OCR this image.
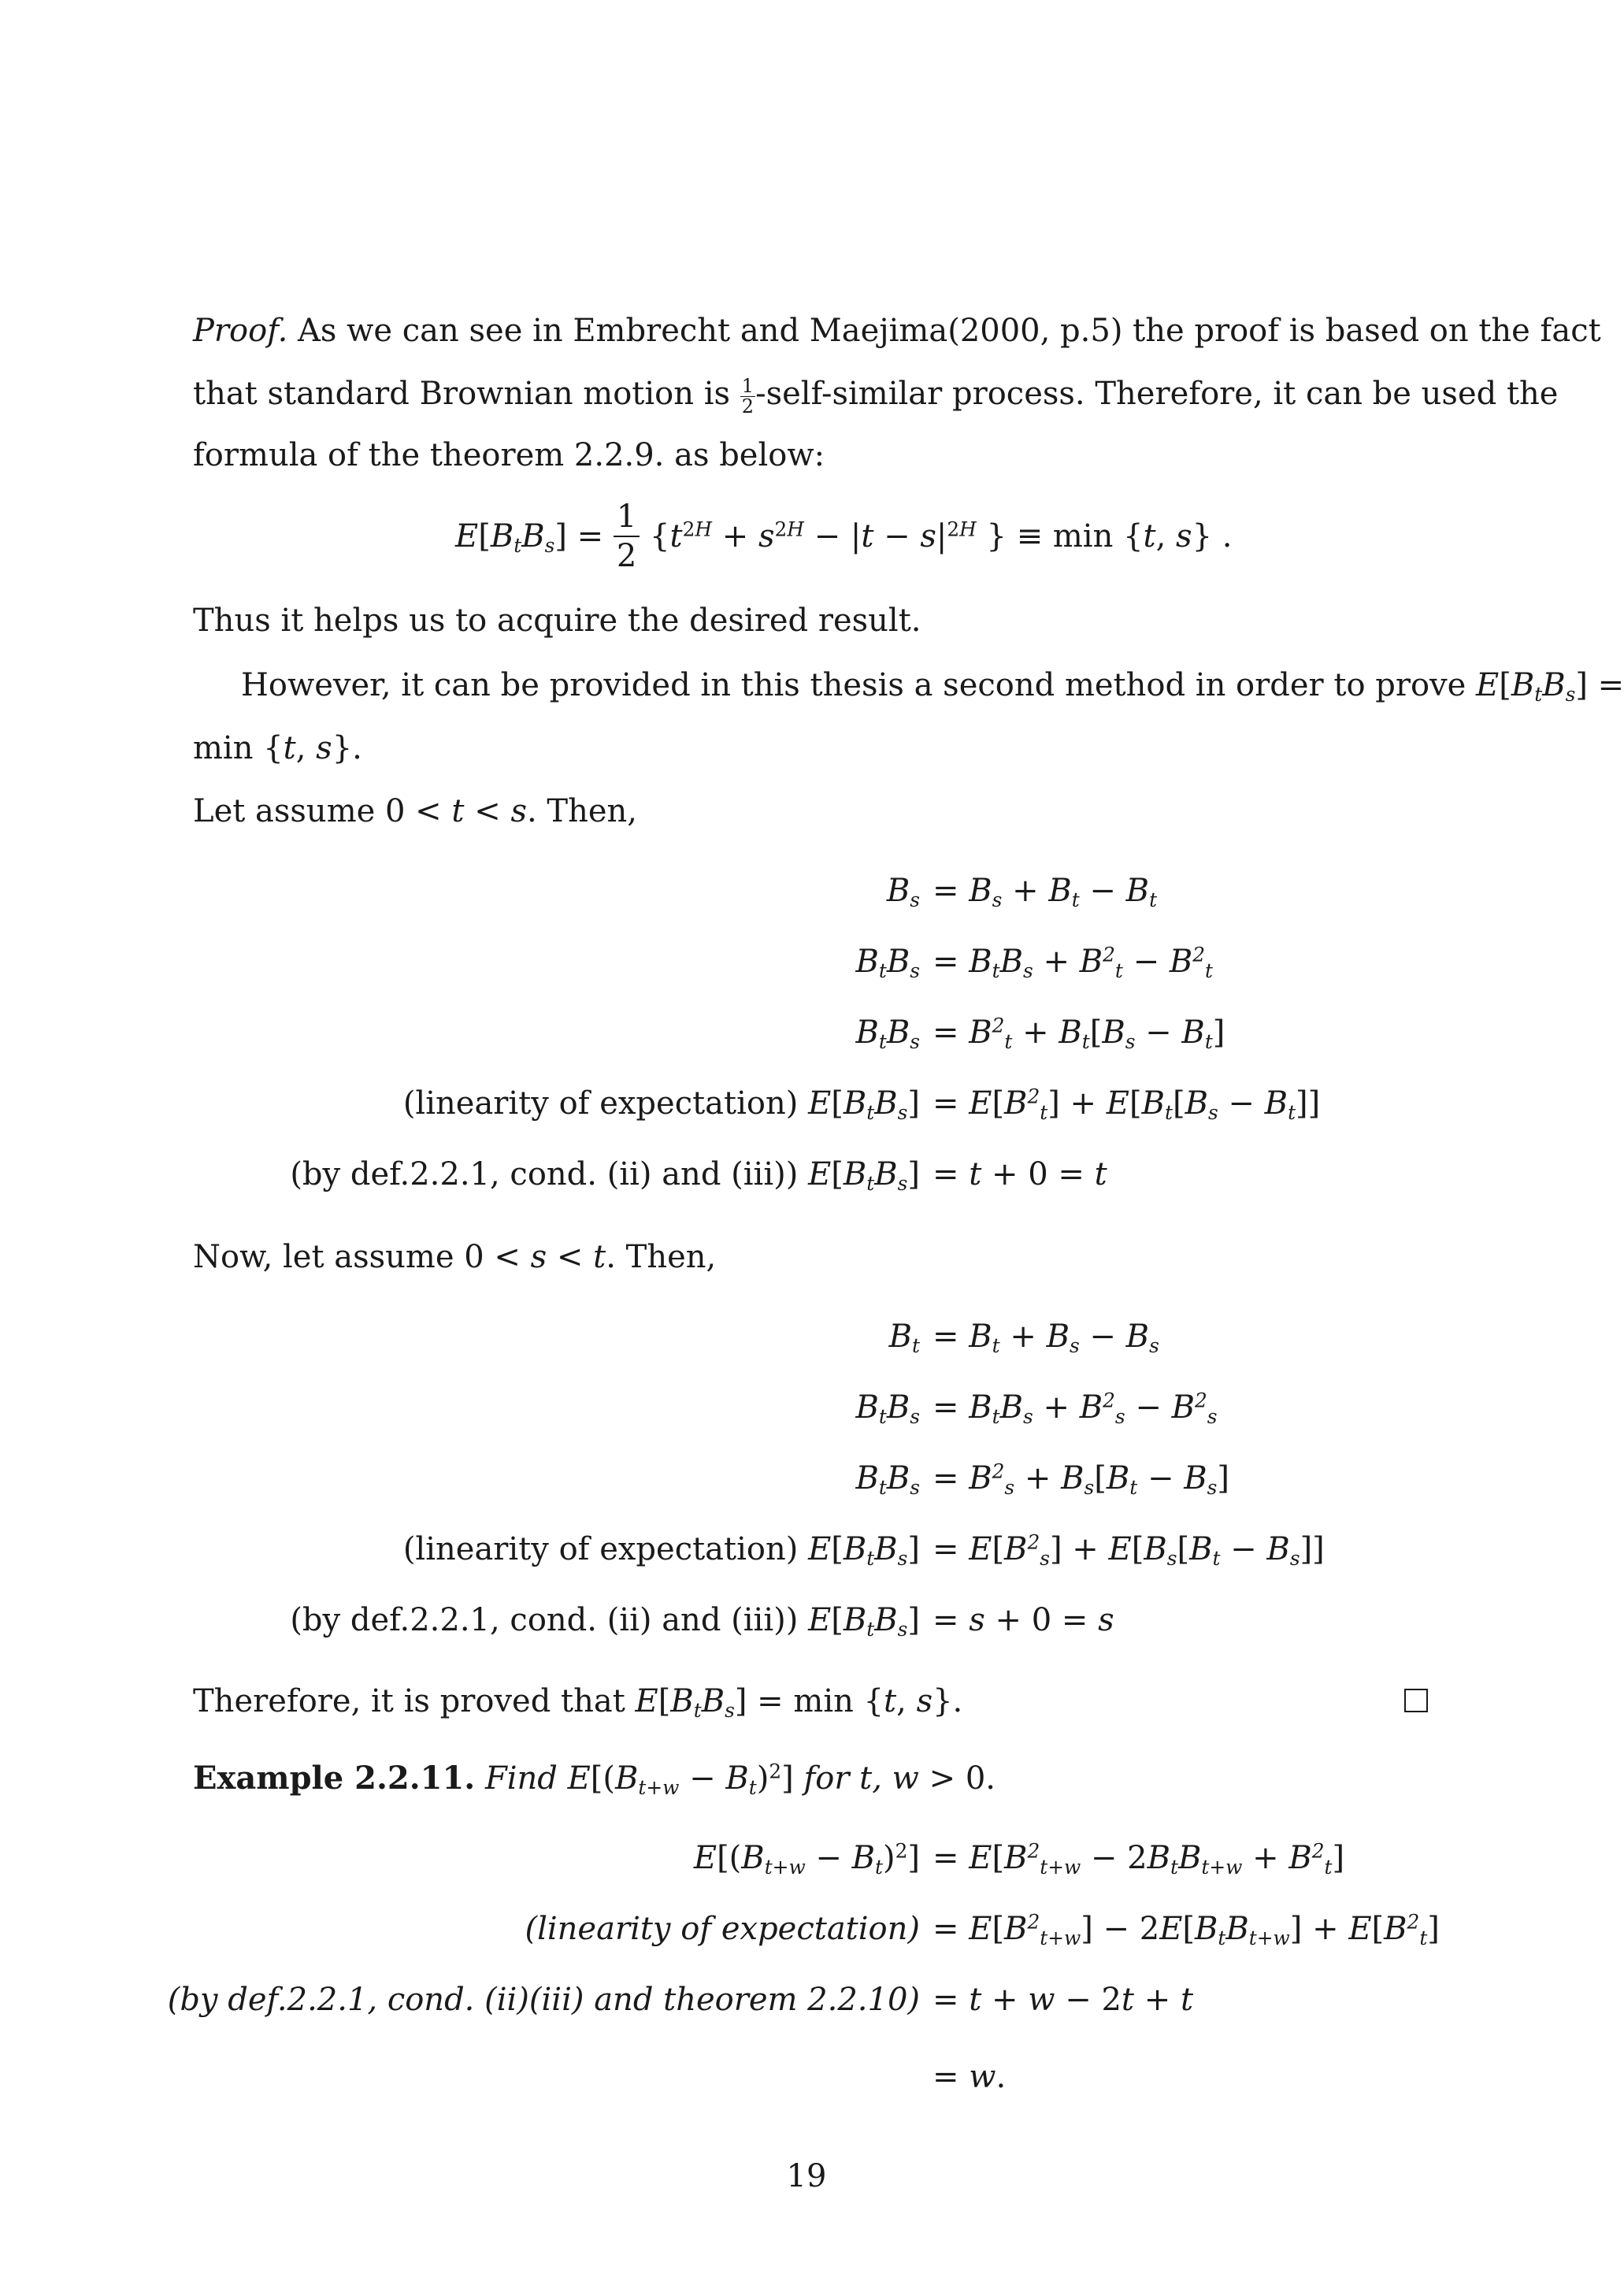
Proof. As we can see in Embrecht and Maejima(2000, p.5) the proof is based on the fact
that standard Brownian motion is $\frac{1}{2}$ -self-similar process. Therefore, it can be used the
formula of the theorem 2.2.9. as below:
E [ $B_tB_s$ ] = $\frac{1}{2} \{t^{2H} + s^{2H} - |t - s|^{2H}$ } ≡ min {t, s} .
Thus it helps us to acquire the desired result.
However, it can be provided in this thesis a second method in order to prove $E[B_tB_s]$ =
min {t, s}.
Let assume 0 < t < s. Then,
$B_s = B_s + B_t - B_t$
$B_tB_s = B_tB_s + B^2_t - B^2_t$
$B_tB_s = B^2_t + B_t[B_s - B_t]$
(linearity of expectation) $E[B_tB_s] = E[B^2_t] + E[B_t[B_s - B_t]]$
(by def.2.2.1, cond. (ii) and (iii)) $E[B_tB_s] = t + 0 = t$
Now, let assume 0 < s < t. Then,
$B_t = B_t + B_s - B_s$
$B_tB_s = B_tB_s + B^2_s - B^2_s$
$B_tB_s = B^2_s + B_s[B_t - B_s]$
(linearity of expectation) $E[B_tB_s] = E[B^2_s] + E[B_s[B_t - B_s]]$
(by def.2.2.1, cond. (ii) and (iii)) $E[B_tB_s] = s + 0 = s$
Therefore, it is proved that $E[B_tB_s] = \min \{t$, s}.
Example 2.2.11. Find $E[(B_{t+w} - B_t)^2]$ for t, w > 0.
$E[(B_{t+w} - B_t)^2] = E[B^2_{t+w} - 2B_tB_{t+w} + B^2_t]$
(linearity of expectation) = $E[B^2_{t+w}] - 2E[B_tB_{t+w}] + E[B^2_t]$
(by def.2.2.1, cond. (ii)(iii) and theorem 2.2.10) = t + w − 2t + t
= w.
19
